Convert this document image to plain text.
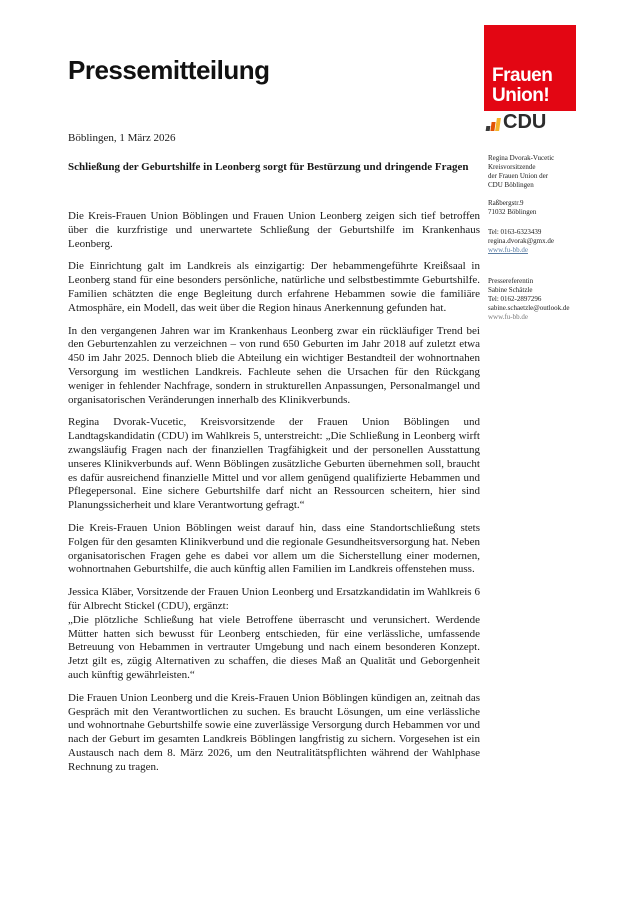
Pressemitteilung	Frauen
Union!
CDU
Böblingen, 1 März 2026
Schließung der Geburtshilfe in Leonberg sorgt für Bestürzung und dringende Fragen

Die Kreis-Frauen Union Böblingen und Frauen Union Leonberg zeigen sich tief betroffen über die kurzfristige und unerwartete Schließung der Geburtshilfe im Krankenhaus Leonberg.

Die Einrichtung galt im Landkreis als einzigartig: Der hebammengeführte Kreißsaal in Leonberg stand für eine besonders persönliche, natürliche und selbstbestimmte Geburtshilfe. Familien schätzten die enge Begleitung durch erfahrene Hebammen sowie die familiäre Atmosphäre, ein Modell, das weit über die Region hinaus Anerkennung gefunden hat.

In den vergangenen Jahren war im Krankenhaus Leonberg zwar ein rückläufiger Trend bei den Geburtenzahlen zu verzeichnen – von rund 650 Geburten im Jahr 2018 auf zuletzt etwa 450 im Jahr 2025. Dennoch blieb die Abteilung ein wichtiger Bestandteil der wohnortnahen Versorgung im westlichen Landkreis. Fachleute sehen die Ursachen für den Rückgang weniger in fehlender Nachfrage, sondern in strukturellen Anpassungen, Personalmangel und organisatorischen Veränderungen innerhalb des Klinikverbunds.

Regina Dvorak-Vucetic, Kreisvorsitzende der Frauen Union Böblingen und Landtagskandidatin (CDU) im Wahlkreis 5, unterstreicht: „Die Schließung in Leonberg wirft zwangsläufig Fragen nach der finanziellen Tragfähigkeit und der personellen Ausstattung unseres Klinikverbunds auf. Wenn Böblingen zusätzliche Geburten übernehmen soll, braucht es dafür ausreichend finanzielle Mittel und vor allem genügend qualifizierte Hebammen und Pflegepersonal. Eine sichere Geburtshilfe darf nicht an Ressourcen scheitern, hier sind Planungssicherheit und klare Verantwortung gefragt.“

Die Kreis-Frauen Union Böblingen weist darauf hin, dass eine Standortschließung stets Folgen für den gesamten Klinikverbund und die regionale Gesundheitsversorgung hat. Neben organisatorischen Fragen gehe es dabei vor allem um die Sicherstellung einer modernen, wohnortnahen Geburtshilfe, die auch künftig allen Familien im Landkreis offenstehen muss.

Jessica Kläber, Vorsitzende der Frauen Union Leonberg und Ersatzkandidatin im Wahlkreis 6 für Albrecht Stickel (CDU), ergänzt:

„Die plötzliche Schließung hat viele Betroffene überrascht und verunsichert. Werdende Mütter hatten sich bewusst für Leonberg entschieden, für eine verlässliche, umfassende Betreuung von Hebammen in vertrauter Umgebung und nach einem besonderen Konzept. Jetzt gilt es, zügig Alternativen zu schaffen, die dieses Maß an Qualität und Geborgenheit auch künftig gewährleisten.“

Die Frauen Union Leonberg und die Kreis-Frauen Union Böblingen kündigen an, zeitnah das Gespräch mit den Verantwortlichen zu suchen. Es braucht Lösungen, um eine verlässliche und wohnortnahe Geburtshilfe sowie eine zuverlässige Versorgung durch Hebammen vor und nach der Geburt im gesamten Landkreis Böblingen langfristig zu sichern. Vorgesehen ist ein Austausch nach dem 8. März 2026, um den Neutralitätspflichten während der Wahlphase Rechnung zu tragen.

Regina Dvorak-Vucetic
Kreisvorsitzende
der Frauen Union der
CDU Böblingen
Raßbergstr.9
71032 Böblingen
Tel: 0163-6323439
regina.dvorak@gmx.de
www.fu-bb.de
Pressereferentin
Sabine Schätzle
Tel: 0162-2897296
sabine.schaetzle@outlook.de
www.fu-bb.de
